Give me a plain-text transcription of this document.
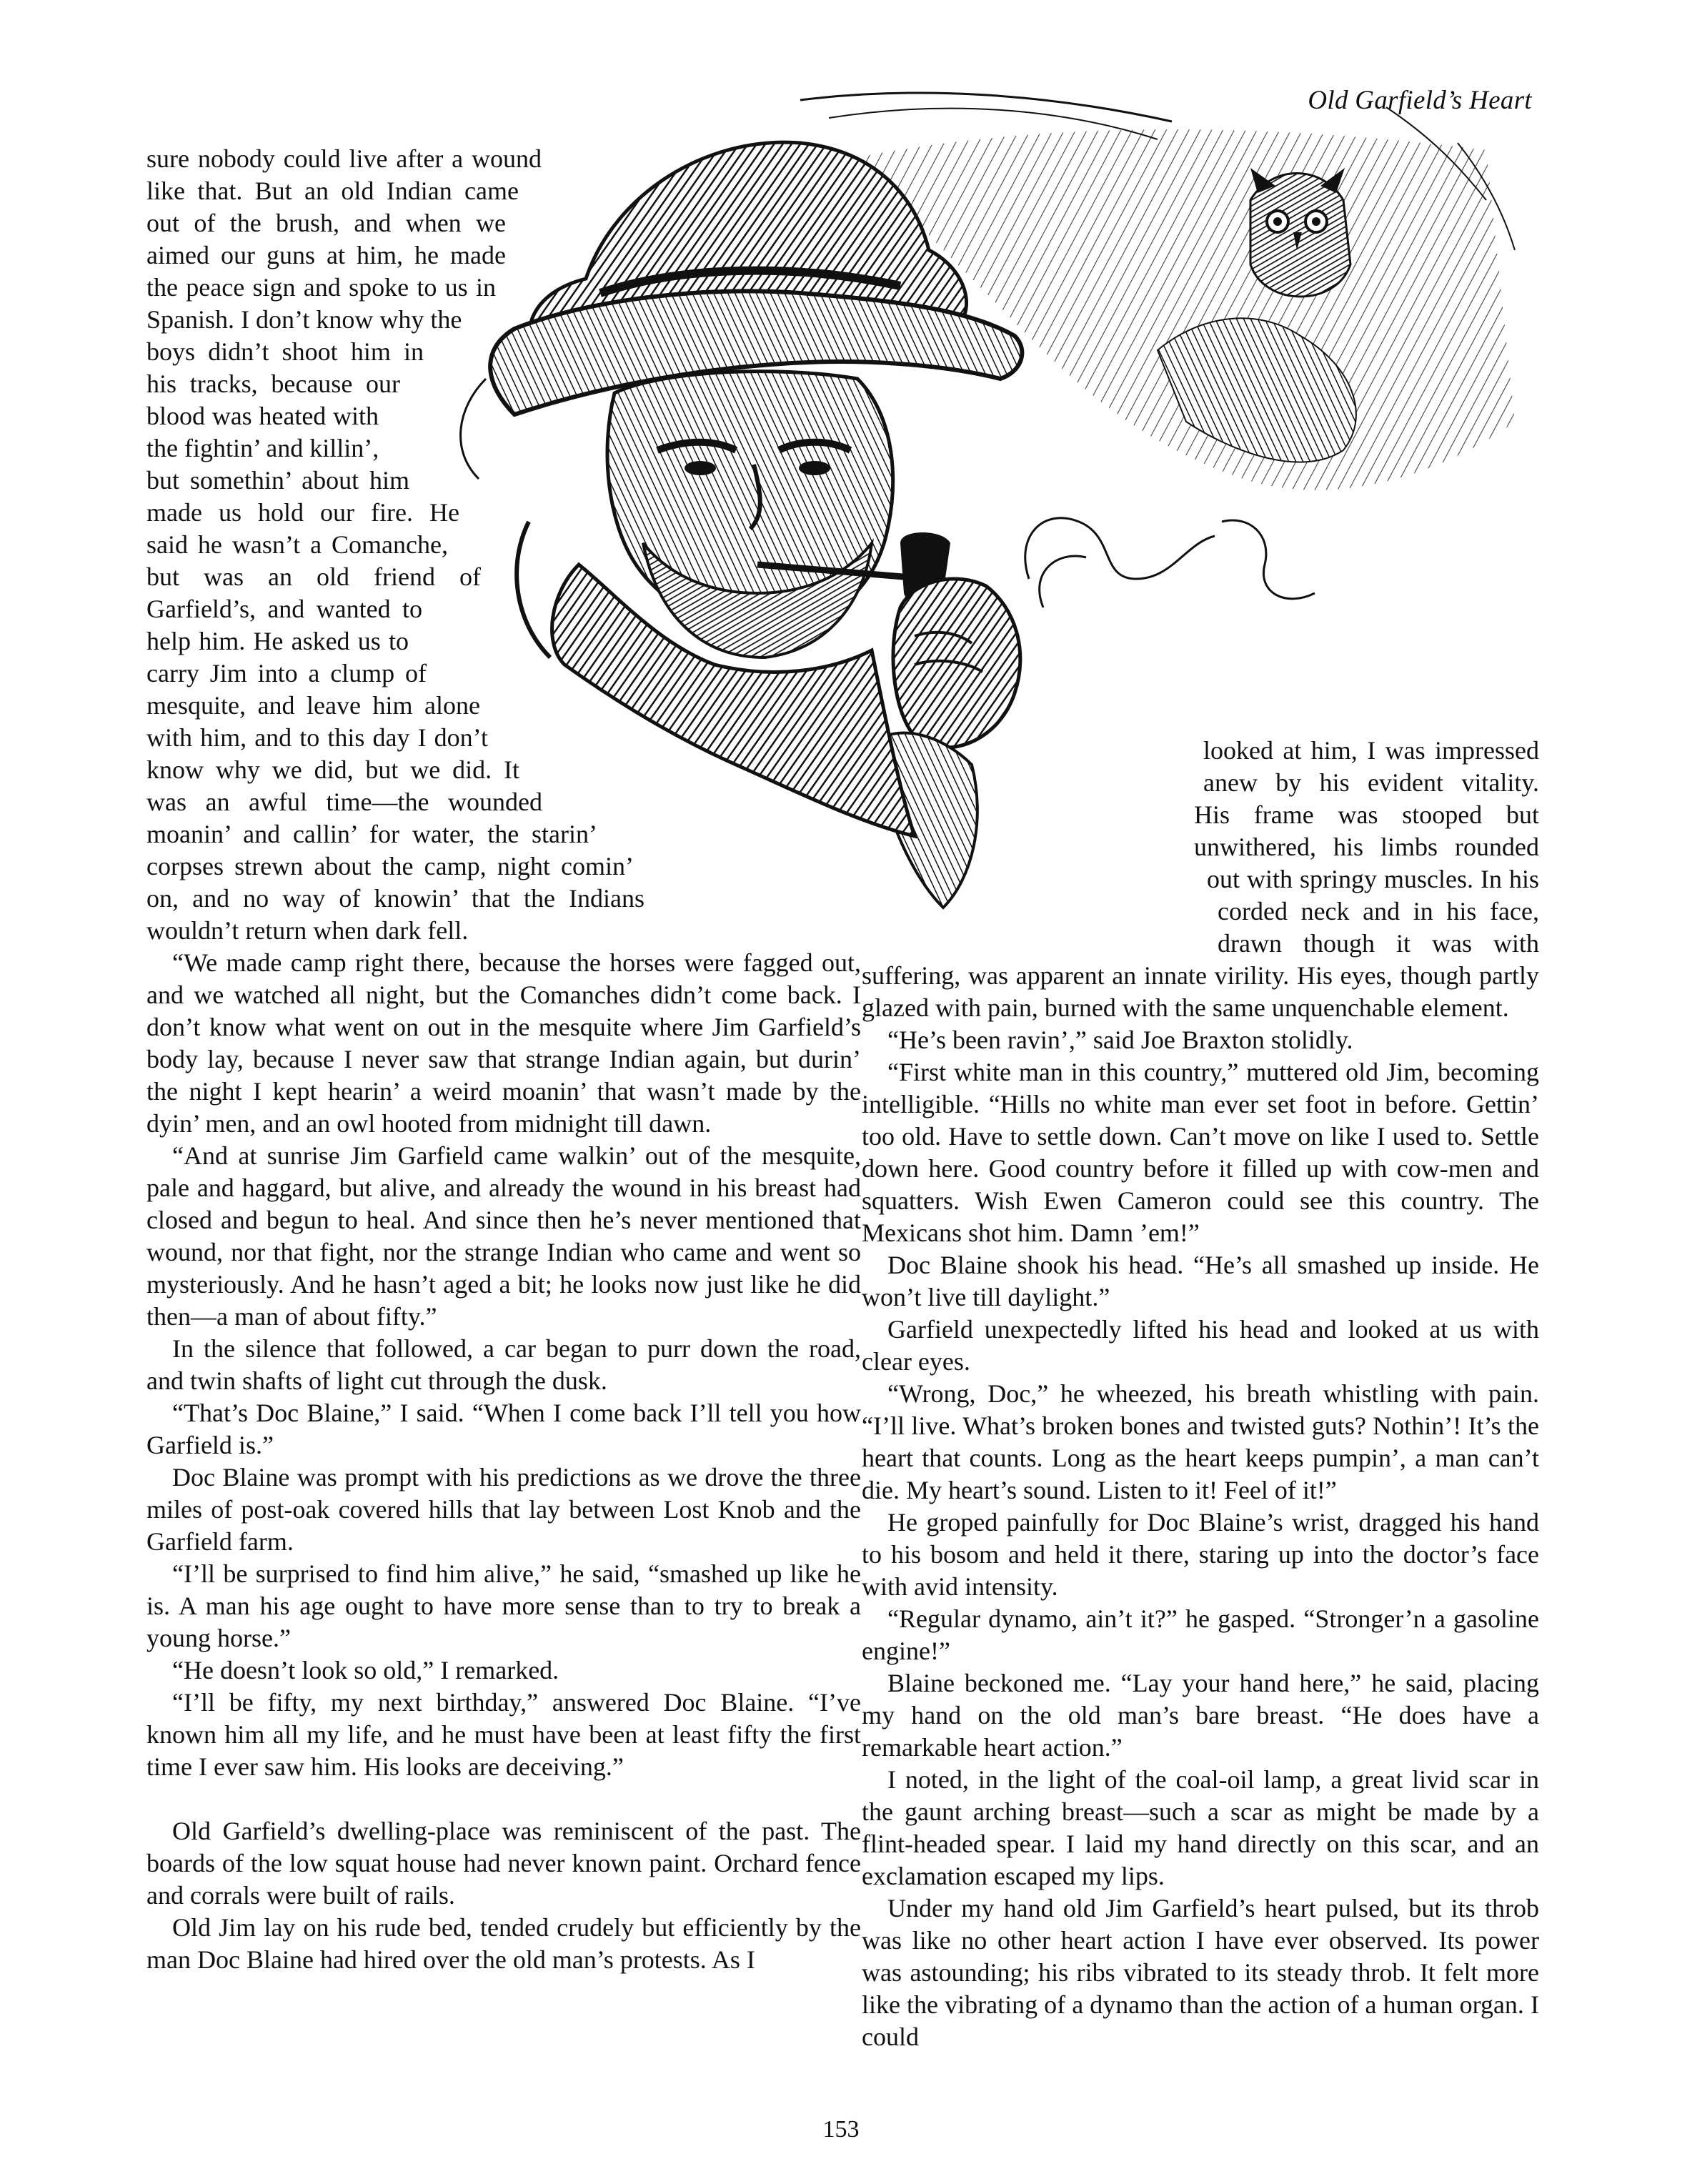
Old Garfield’s Heart
sure nobody could live after a wound
like that. But an old Indian came
out of the brush, and when we
aimed our guns at him, he made
the peace sign and spoke to us in
Spanish. I don’t know why the
boys didn’t shoot him in
his tracks, because our
blood was heated with
the fightin’ and killin’,
but somethin’ about him
made us hold our fire. He
said he wasn’t a Comanche,
but was an old friend of
Garfield’s, and wanted to
help him. He asked us to
carry Jim into a clump of
mesquite, and leave him alone
with him, and to this day I don’t
know why we did, but we did. It
was an awful time—the wounded
moanin’ and callin’ for water, the starin’
corpses strewn about the camp, night comin’
on, and no way of knowin’ that the Indians
wouldn’t return when dark fell.

“We made camp right there, because the horses were fagged out, and we watched all night, but the Comanches didn’t come back. I don’t know what went on out in the mesquite where Jim Garfield’s body lay, because I never saw that strange Indian again, but durin’ the night I kept hearin’ a weird moanin’ that wasn’t made by the dyin’ men, and an owl hooted from midnight till dawn.

“And at sunrise Jim Garfield came walkin’ out of the mesquite, pale and haggard, but alive, and already the wound in his breast had closed and begun to heal. And since then he’s never mentioned that wound, nor that fight, nor the strange Indian who came and went so mysteriously. And he hasn’t aged a bit; he looks now just like he did then—a man of about fifty.”

In the silence that followed, a car began to purr down the road, and twin shafts of light cut through the dusk.

“That’s Doc Blaine,” I said. “When I come back I’ll tell you how Garfield is.”

Doc Blaine was prompt with his predictions as we drove the three miles of post-oak covered hills that lay between Lost Knob and the Garfield farm.

“I’ll be surprised to find him alive,” he said, “smashed up like he is. A man his age ought to have more sense than to try to break a young horse.”

“He doesn’t look so old,” I remarked.

“I’ll be fifty, my next birthday,” answered Doc Blaine. “I’ve known him all my life, and he must have been at least fifty the first time I ever saw him. His looks are deceiving.”

Old Garfield’s dwelling-place was reminiscent of the past. The boards of the low squat house had never known paint. Orchard fence and corrals were built of rails.

Old Jim lay on his rude bed, tended crudely but efficiently by the man Doc Blaine had hired over the old man’s protests. As I

looked at him, I was impressed
anew by his evident vitality.
His frame was stooped but
unwithered, his limbs rounded
out with springy muscles. In his
corded neck and in his face,
drawn though it was with

suffering, was apparent an innate virility. His eyes, though partly glazed with pain, burned with the same unquenchable element.

“He’s been ravin’,” said Joe Braxton stolidly.

“First white man in this country,” muttered old Jim, becoming intelligible. “Hills no white man ever set foot in before. Gettin’ too old. Have to settle down. Can’t move on like I used to. Settle down here. Good country before it filled up with cow-men and squatters. Wish Ewen Cameron could see this country. The Mexicans shot him. Damn ’em!”

Doc Blaine shook his head. “He’s all smashed up inside. He won’t live till daylight.”

Garfield unexpectedly lifted his head and looked at us with clear eyes.

“Wrong, Doc,” he wheezed, his breath whistling with pain. “I’ll live. What’s broken bones and twisted guts? Nothin’! It’s the heart that counts. Long as the heart keeps pumpin’, a man can’t die. My heart’s sound. Listen to it! Feel of it!”

He groped painfully for Doc Blaine’s wrist, dragged his hand to his bosom and held it there, staring up into the doctor’s face with avid intensity.

“Regular dynamo, ain’t it?” he gasped. “Stronger’n a gasoline engine!”

Blaine beckoned me. “Lay your hand here,” he said, placing my hand on the old man’s bare breast. “He does have a remarkable heart action.”

I noted, in the light of the coal-oil lamp, a great livid scar in the gaunt arching breast—such a scar as might be made by a flint-headed spear. I laid my hand directly on this scar, and an exclamation escaped my lips.

Under my hand old Jim Garfield’s heart pulsed, but its throb was like no other heart action I have ever observed. Its power was astounding; his ribs vibrated to its steady throb. It felt more like the vibrating of a dynamo than the action of a human organ. I could

153
